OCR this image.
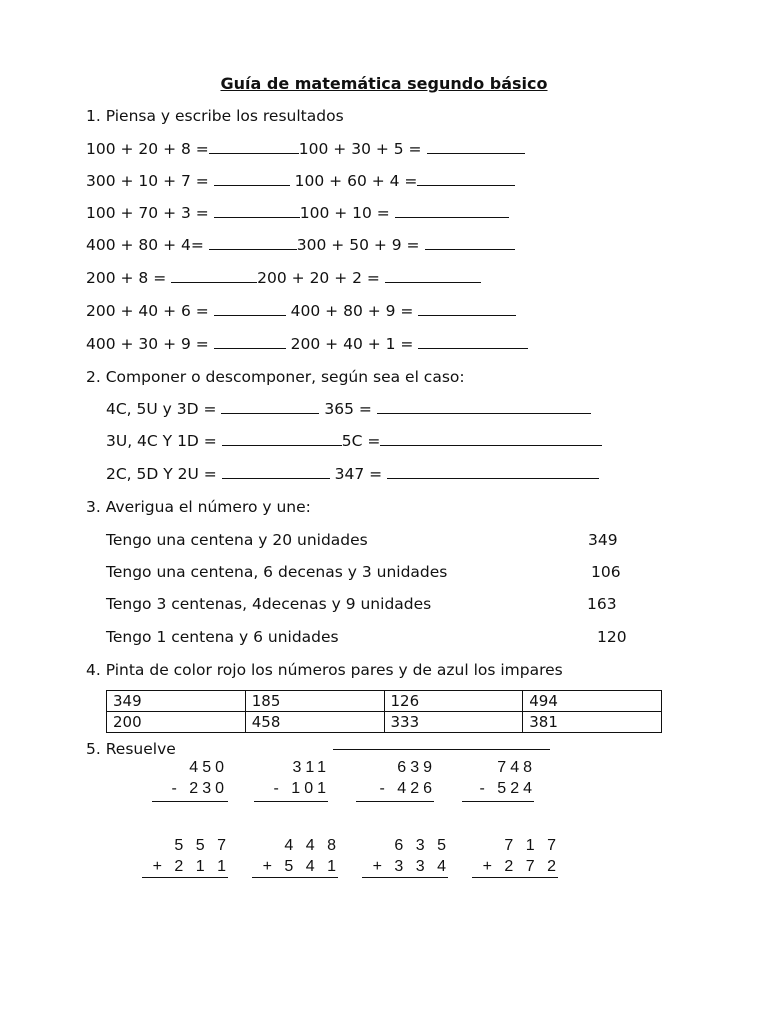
Guía de matemática segundo básico
1. Piensa y escribe los resultados
100 + 20 + 8 =	100 + 30 + 5 =
300 + 10 + 7 =	100 + 60 + 4 =
100 + 70 + 3 =	100 + 10 =
400 + 80 + 4=	300 + 50 + 9 =
200 + 8 =	200 + 20 + 2 =
200 + 40 + 6 =	400 + 80 + 9 =
400 + 30 + 9 =	200 + 40 + 1 =
2. Componer o descomponer, según sea el caso:
4C, 5U y 3D =	365 =
3U, 4C Y 1D =	5C =
2C, 5D Y 2U =	347 =
3. Averigua el número y une:
Tengo una centena y 20 unidades	349
Tengo una centena, 6 decenas y 3 unidades	106
Tengo 3 centenas, 4decenas y 9 unidades	163
Tengo 1 centena y 6 unidades	120
4. Pinta de color rojo los números pares y de azul los impares
349	185	126	494
200	458	333	381
5. Resuelve
450
- 230
311
- 101
639
- 426
748
- 524
5 5 7
+ 2 1 1
4 4 8
+ 5 4 1
6 3 5
+ 3 3 4
7 1 7
+ 2 7 2
